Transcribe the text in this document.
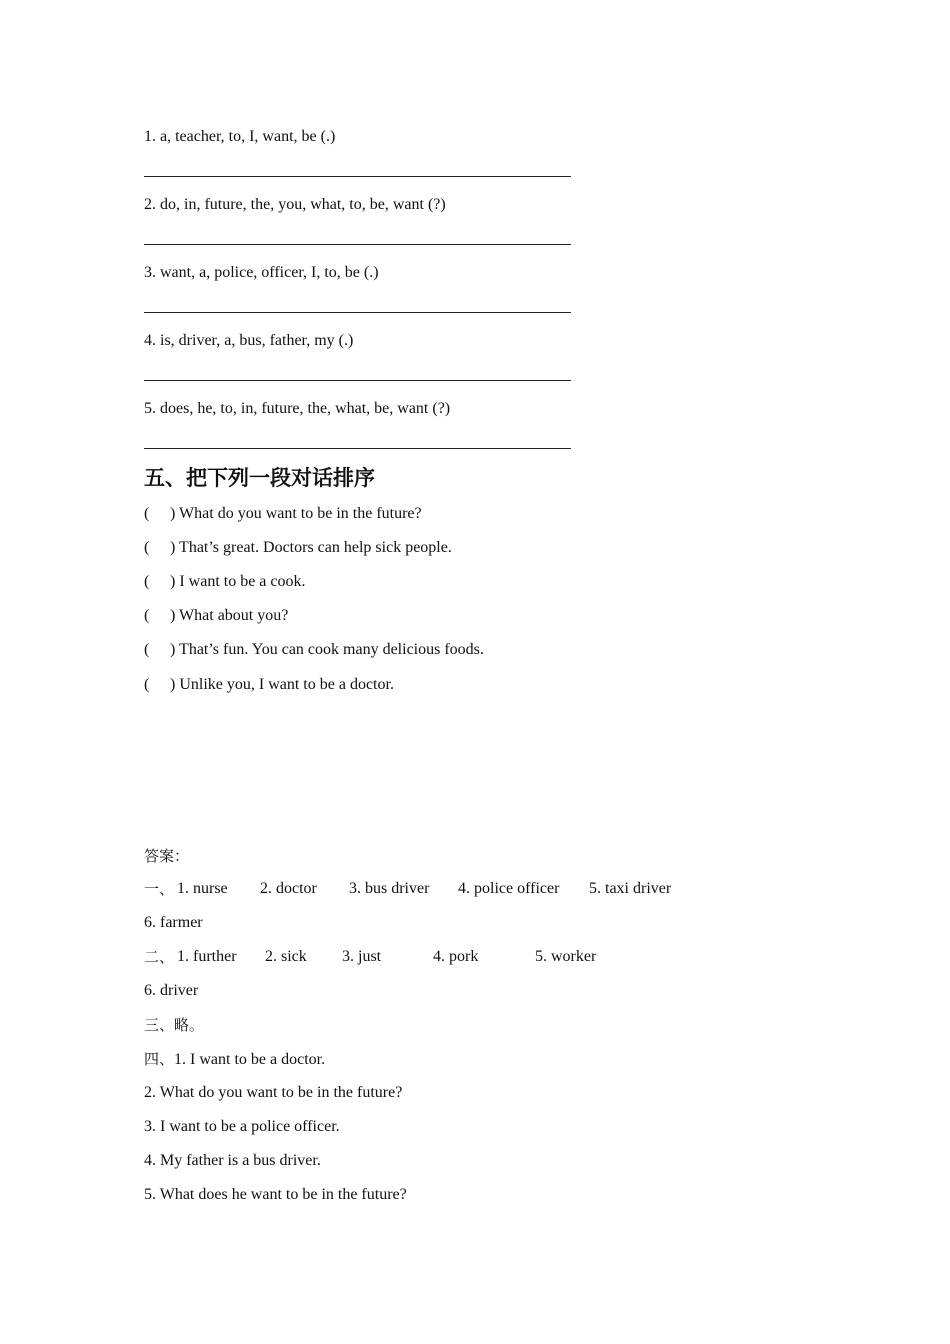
1. a, teacher, to, I, want, be (.)
2. do, in, future, the, you, what, to, be, want (?)
3. want, a, police, officer, I, to, be (.)
4. is, driver, a, bus, father, my (.)
5. does, he, to, in, future, the, what, be, want (?)
五、把下列一段对话排序
( ) What do you want to be in the future?
( ) That’s great. Doctors can help sick people.
( ) I want to be a cook.
( ) What about you?
( ) That’s fun. You can cook many delicious foods.
( ) Unlike you, I want to be a doctor.
答案：
一、 1. nurse 2. doctor 3. bus driver 4. police officer 5. taxi driver
6. farmer
二、 1. further 2. sick 3. just	4. pork	5. worker
6. driver
三、略。
四、1. I want to be a doctor.
2. What do you want to be in the future?
3. I want to be a police officer.
4. My father is a bus driver.
5. What does he want to be in the future?
